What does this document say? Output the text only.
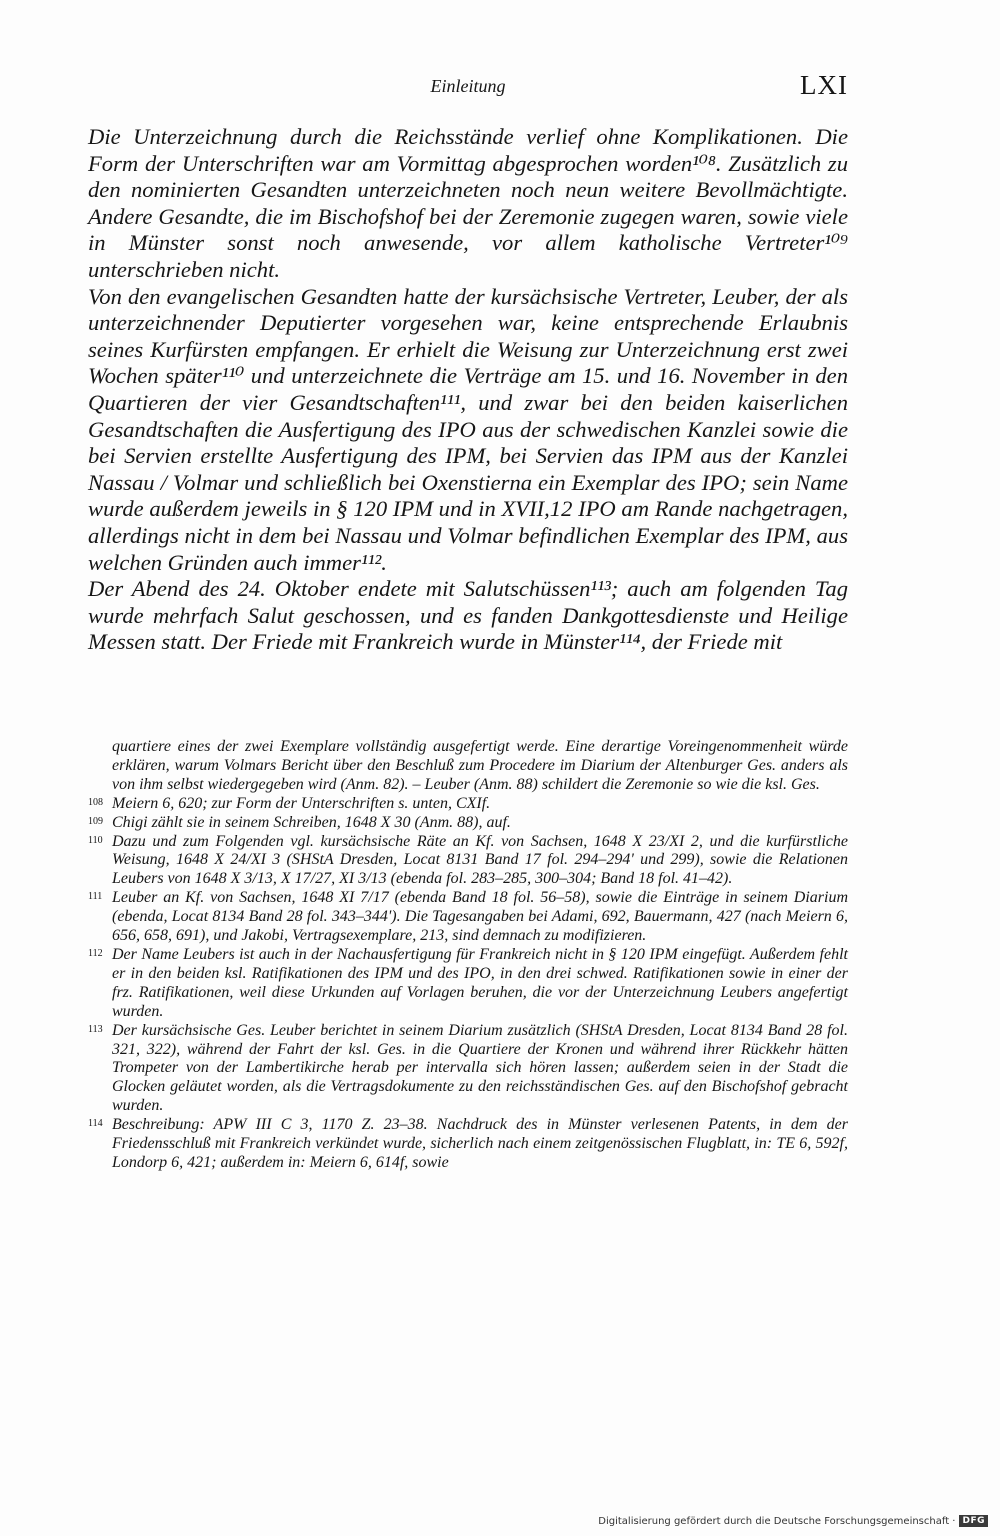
Einleitung	LXI

Die Unterzeichnung durch die Reichsstände verlief ohne Komplikationen. Die Form der Unterschriften war am Vormittag abgesprochen worden¹⁰⁸. Zusätzlich zu den nominierten Gesandten unterzeichneten noch neun weitere Bevollmächtigte. Andere Gesandte, die im Bischofshof bei der Zeremonie zugegen waren, sowie viele in Münster sonst noch anwesende, vor allem katholische Vertreter¹⁰⁹ unterschrieben nicht.

Von den evangelischen Gesandten hatte der kursächsische Vertreter, Leuber, der als unterzeichnender Deputierter vorgesehen war, keine entsprechende Erlaubnis seines Kurfürsten empfangen. Er erhielt die Weisung zur Unterzeichnung erst zwei Wochen später¹¹⁰ und unterzeichnete die Verträge am 15. und 16. November in den Quartieren der vier Gesandtschaften¹¹¹, und zwar bei den beiden kaiserlichen Gesandtschaften die Ausfertigung des IPO aus der schwedischen Kanzlei sowie die bei Servien erstellte Ausfertigung des IPM, bei Servien das IPM aus der Kanzlei Nassau / Volmar und schließlich bei Oxenstierna ein Exemplar des IPO; sein Name wurde außerdem jeweils in § 120 IPM und in XVII,12 IPO am Rande nachgetragen, allerdings nicht in dem bei Nassau und Volmar befindlichen Exemplar des IPM, aus welchen Gründen auch immer¹¹².

Der Abend des 24. Oktober endete mit Salutschüssen¹¹³; auch am folgenden Tag wurde mehrfach Salut geschossen, und es fanden Dankgottesdienste und Heilige Messen statt. Der Friede mit Frankreich wurde in Münster¹¹⁴, der Friede mit

quartiere eines der zwei Exemplare vollständig ausgefertigt werde. Eine derartige Voreingenommenheit würde erklären, warum Volmars Bericht über den Beschluß zum Procedere im Diarium der Altenburger Ges. anders als von ihm selbst wiedergegeben wird (Anm. 82). – Leuber (Anm. 88) schildert die Zeremonie so wie die ksl. Ges.

108 Meiern 6, 620; zur Form der Unterschriften s. unten, CXIf.

109 Chigi zählt sie in seinem Schreiben, 1648 X 30 (Anm. 88), auf.

110 Dazu und zum Folgenden vgl. kursächsische Räte an Kf. von Sachsen, 1648 X 23/XI 2, und die kurfürstliche Weisung, 1648 X 24/XI 3 (SHStA Dresden, Locat 8131 Band 17 fol. 294–294' und 299), sowie die Relationen Leubers von 1648 X 3/13, X 17/27, XI 3/13 (ebenda fol. 283–285, 300–304; Band 18 fol. 41–42).

111 Leuber an Kf. von Sachsen, 1648 XI 7/17 (ebenda Band 18 fol. 56–58), sowie die Einträge in seinem Diarium (ebenda, Locat 8134 Band 28 fol. 343–344'). Die Tagesangaben bei Adami, 692, Bauermann, 427 (nach Meiern 6, 656, 658, 691), und Jakobi, Vertragsexemplare, 213, sind demnach zu modifizieren.

112 Der Name Leubers ist auch in der Nachausfertigung für Frankreich nicht in § 120 IPM eingefügt. Außerdem fehlt er in den beiden ksl. Ratifikationen des IPM und des IPO, in den drei schwed. Ratifikationen sowie in einer der frz. Ratifikationen, weil diese Urkunden auf Vorlagen beruhen, die vor der Unterzeichnung Leubers angefertigt wurden.

113 Der kursächsische Ges. Leuber berichtet in seinem Diarium zusätzlich (SHStA Dresden, Locat 8134 Band 28 fol. 321, 322), während der Fahrt der ksl. Ges. in die Quartiere der Kronen und während ihrer Rückkehr hätten Trompeter von der Lambertikirche herab per intervalla sich hören lassen; außerdem seien in der Stadt die Glocken geläutet worden, als die Vertragsdokumente zu den reichsständischen Ges. auf den Bischofshof gebracht wurden.

114 Beschreibung: APW III C 3, 1170 Z. 23–38. Nachdruck des in Münster verlesenen Patents, in dem der Friedensschluß mit Frankreich verkündet wurde, sicherlich nach einem zeitgenössischen Flugblatt, in: TE 6, 592f, Londorp 6, 421; außerdem in: Meiern 6, 614f, sowie

Digitalisierung gefördert durch die Deutsche Forschungsgemeinschaft · DFG
